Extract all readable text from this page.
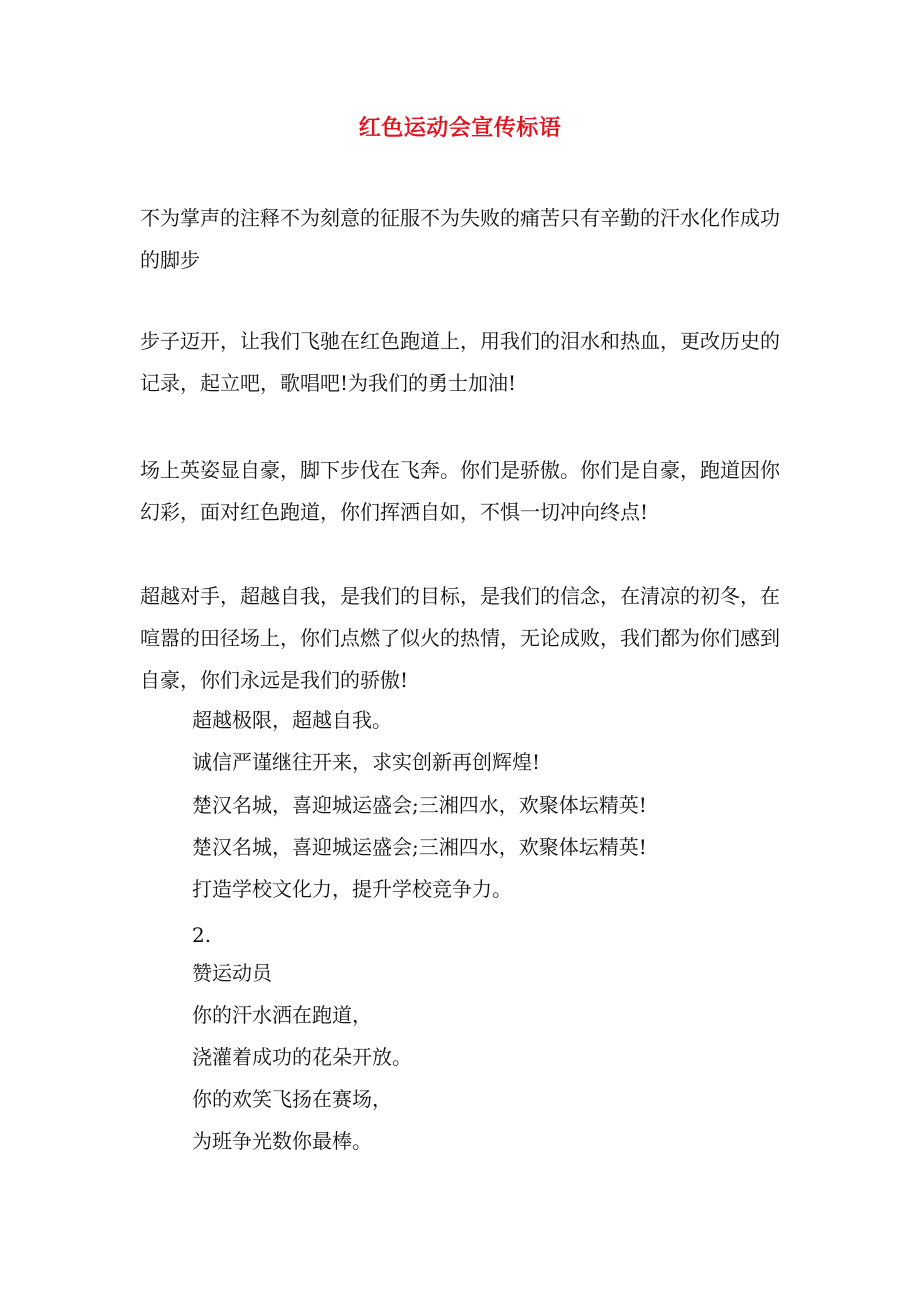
红色运动会宣传标语
不为掌声的注释不为刻意的征服不为失败的痛苦只有辛勤的汗水化作成功的脚步
步子迈开，让我们飞驰在红色跑道上，用我们的泪水和热血，更改历史的记录，起立吧，歌唱吧!为我们的勇士加油!
场上英姿显自豪，脚下步伐在飞奔。你们是骄傲。你们是自豪，跑道因你幻彩，面对红色跑道，你们挥洒自如，不惧一切冲向终点!
超越对手，超越自我，是我们的目标，是我们的信念，在清凉的初冬，在喧嚣的田径场上，你们点燃了似火的热情，无论成败，我们都为你们感到自豪，你们永远是我们的骄傲!
超越极限，超越自我。
诚信严谨继往开来，求实创新再创辉煌!
楚汉名城，喜迎城运盛会;三湘四水，欢聚体坛精英!
楚汉名城，喜迎城运盛会;三湘四水，欢聚体坛精英!
打造学校文化力，提升学校竞争力。
2.
赞运动员
你的汗水洒在跑道，
浇灌着成功的花朵开放。
你的欢笑飞扬在赛场，
为班争光数你最棒。
